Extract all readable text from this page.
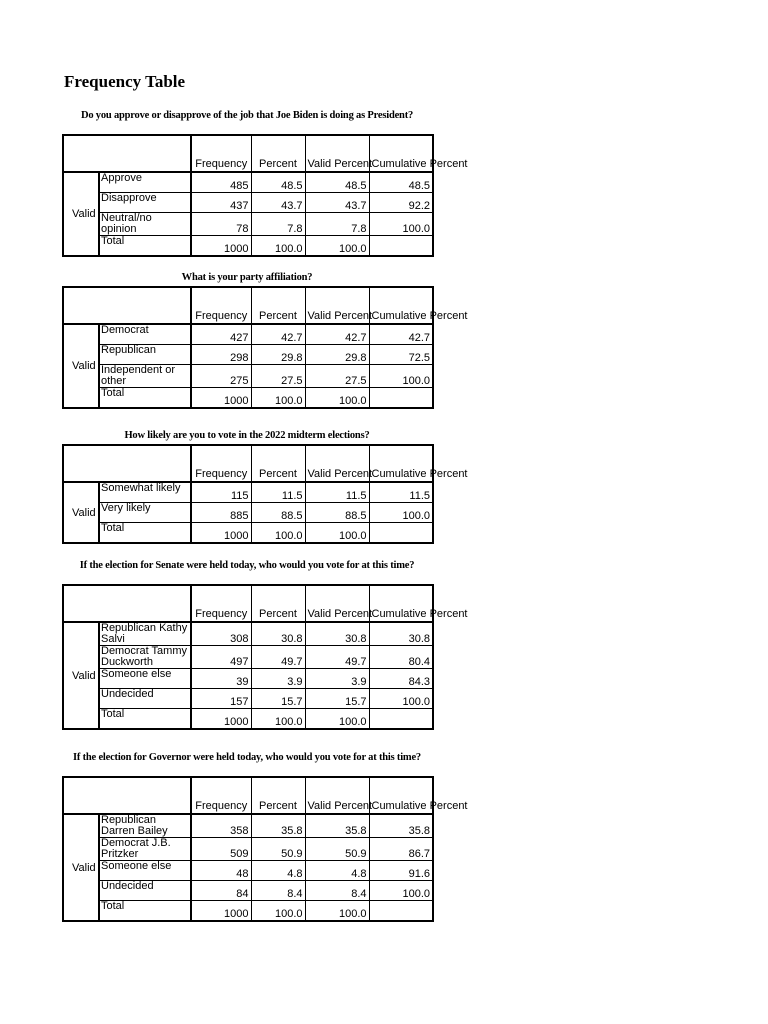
Frequency Table
Do you approve or disapprove of the job that Joe Biden is doing as President?
		Frequency	Percent	Valid Percent	Cumulative Percent
Valid	Approve	485	48.5	48.5	48.5
	Disapprove	437	43.7	43.7	92.2
	Neutral/no opinion	78	7.8	7.8	100.0
	Total	1000	100.0	100.0	
What is your party affiliation?
		Frequency	Percent	Valid Percent	Cumulative Percent
Valid	Democrat	427	42.7	42.7	42.7
	Republican	298	29.8	29.8	72.5
	Independent or other	275	27.5	27.5	100.0
	Total	1000	100.0	100.0	
How likely are you to vote in the 2022 midterm elections?
		Frequency	Percent	Valid Percent	Cumulative Percent
Valid	Somewhat likely	115	11.5	11.5	11.5
	Very likely	885	88.5	88.5	100.0
	Total	1000	100.0	100.0	
If the election for Senate were held today, who would you vote for at this time?
		Frequency	Percent	Valid Percent	Cumulative Percent
Valid	Republican Kathy Salvi	308	30.8	30.8	30.8
	Democrat Tammy Duckworth	497	49.7	49.7	80.4
	Someone else	39	3.9	3.9	84.3
	Undecided	157	15.7	15.7	100.0
	Total	1000	100.0	100.0	
If the election for Governor were held today, who would you vote for at this time?
		Frequency	Percent	Valid Percent	Cumulative Percent
Valid	Republican Darren Bailey	358	35.8	35.8	35.8
	Democrat J.B. Pritzker	509	50.9	50.9	86.7
	Someone else	48	4.8	4.8	91.6
	Undecided	84	8.4	8.4	100.0
	Total	1000	100.0	100.0	
